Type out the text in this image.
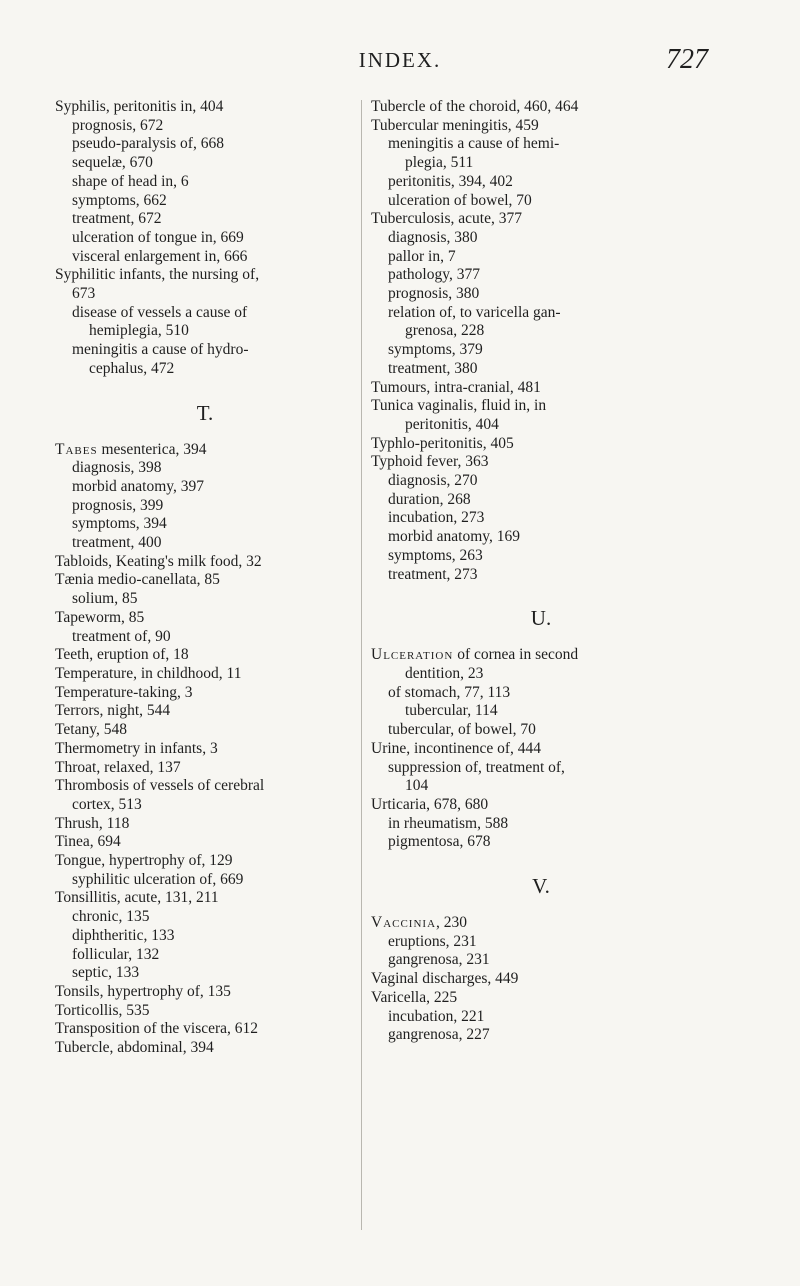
INDEX.	727
Syphilis, peritonitis in, 404
prognosis, 672
pseudo-paralysis of, 668
sequelæ, 670
shape of head in, 6
symptoms, 662
treatment, 672
ulceration of tongue in, 669
visceral enlargement in, 666
Syphilitic infants, the nursing of,
673
disease of vessels a cause of
hemiplegia, 510
meningitis a cause of hydro-
cephalus, 472
T.
Tabes mesenterica, 394
diagnosis, 398
morbid anatomy, 397
prognosis, 399
symptoms, 394
treatment, 400
Tabloids, Keating's milk food, 32
Tænia medio-canellata, 85
solium, 85
Tapeworm, 85
treatment of, 90
Teeth, eruption of, 18
Temperature, in childhood, 11
Temperature-taking, 3
Terrors, night, 544
Tetany, 548
Thermometry in infants, 3
Throat, relaxed, 137
Thrombosis of vessels of cerebral
cortex, 513
Thrush, 118
Tinea, 694
Tongue, hypertrophy of, 129
syphilitic ulceration of, 669
Tonsillitis, acute, 131, 211
chronic, 135
diphtheritic, 133
follicular, 132
septic, 133
Tonsils, hypertrophy of, 135
Torticollis, 535
Transposition of the viscera, 612
Tubercle, abdominal, 394
Tubercle of the choroid, 460, 464
Tubercular meningitis, 459
meningitis a cause of hemi-
plegia, 511
peritonitis, 394, 402
ulceration of bowel, 70
Tuberculosis, acute, 377
diagnosis, 380
pallor in, 7
pathology, 377
prognosis, 380
relation of, to varicella gan-
grenosa, 228
symptoms, 379
treatment, 380
Tumours, intra-cranial, 481
Tunica vaginalis, fluid in, in
peritonitis, 404
Typhlo-peritonitis, 405
Typhoid fever, 363
diagnosis, 270
duration, 268
incubation, 273
morbid anatomy, 169
symptoms, 263
treatment, 273
U.
Ulceration of cornea in second
dentition, 23
of stomach, 77, 113
tubercular, 114
tubercular, of bowel, 70
Urine, incontinence of, 444
suppression of, treatment of,
104
Urticaria, 678, 680
in rheumatism, 588
pigmentosa, 678
V.
Vaccinia, 230
eruptions, 231
gangrenosa, 231
Vaginal discharges, 449
Varicella, 225
incubation, 221
gangrenosa, 227
